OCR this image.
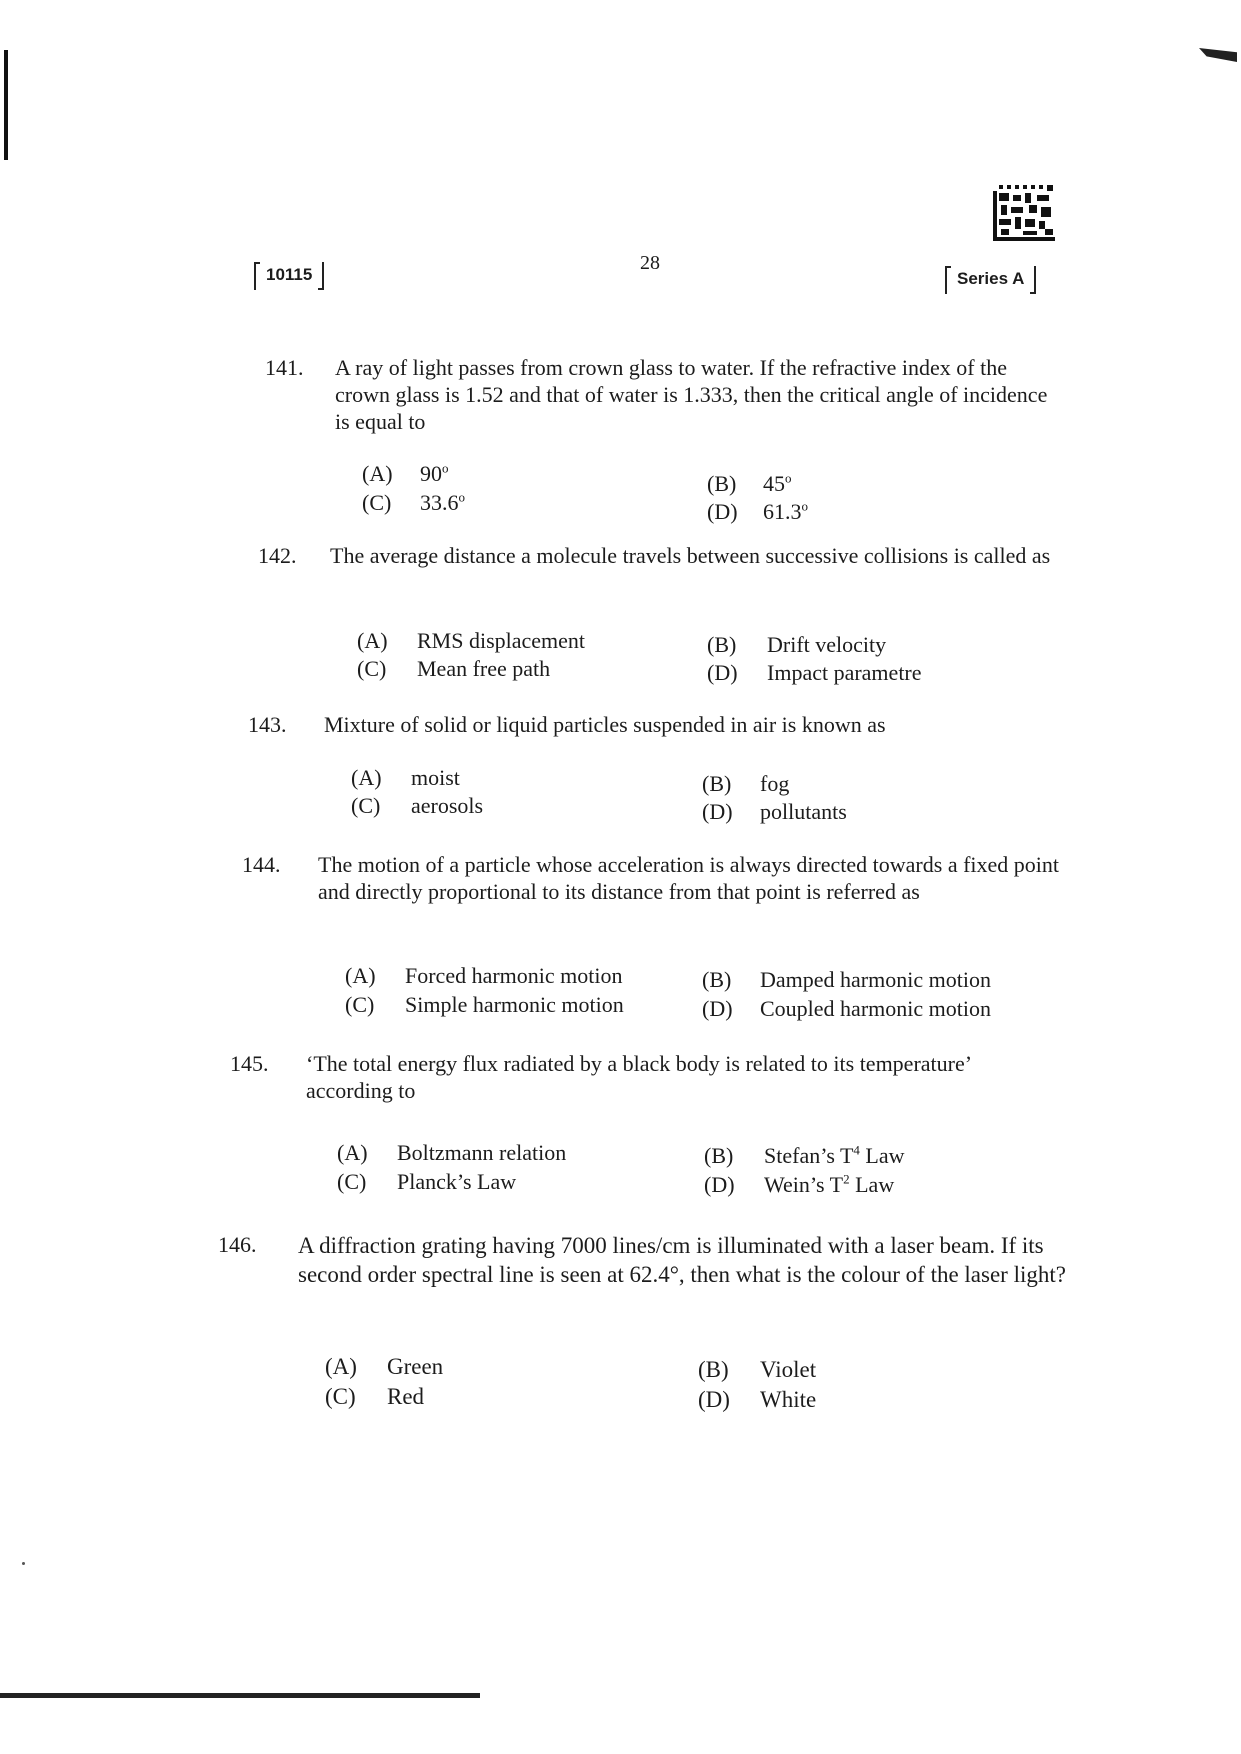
10115
28
Series A
141. A ray of light passes from crown glass to water. If the refractive index of the crown glass is 1.52 and that of water is 1.333, then the critical angle of incidence is equal to
(A) 90$^o$
(C) 33.6$^o$
(B) 45$^o$
(D) 61.3$^o$
142. The average distance a molecule travels between successive collisions is called as
(A) RMS displacement
(C) Mean free path
(B) Drift velocity
(D) Impact parametre
143. Mixture of solid or liquid particles suspended in air is known as
(A) moist
(C) aerosols
(B) fog
(D) pollutants
144. The motion of a particle whose acceleration is always directed towards a fixed point and directly proportional to its distance from that point is referred as
(A) Forced harmonic motion
(C) Simple harmonic motion
(B) Damped harmonic motion
(D) Coupled harmonic motion
145. ‘The total energy flux radiated by a black body is related to its temperature’ according to
(A) Boltzmann relation
(C) Planck’s Law
(B) Stefan’s $T^4$ Law
(D) Wein’s $T^2$ Law
146. A diffraction grating having 7000 lines/cm is illuminated with a laser beam. If its second order spectral line is seen at 62.4°, then what is the colour of the laser light?
(A) Green
(C) Red
(B) Violet
(D) White
